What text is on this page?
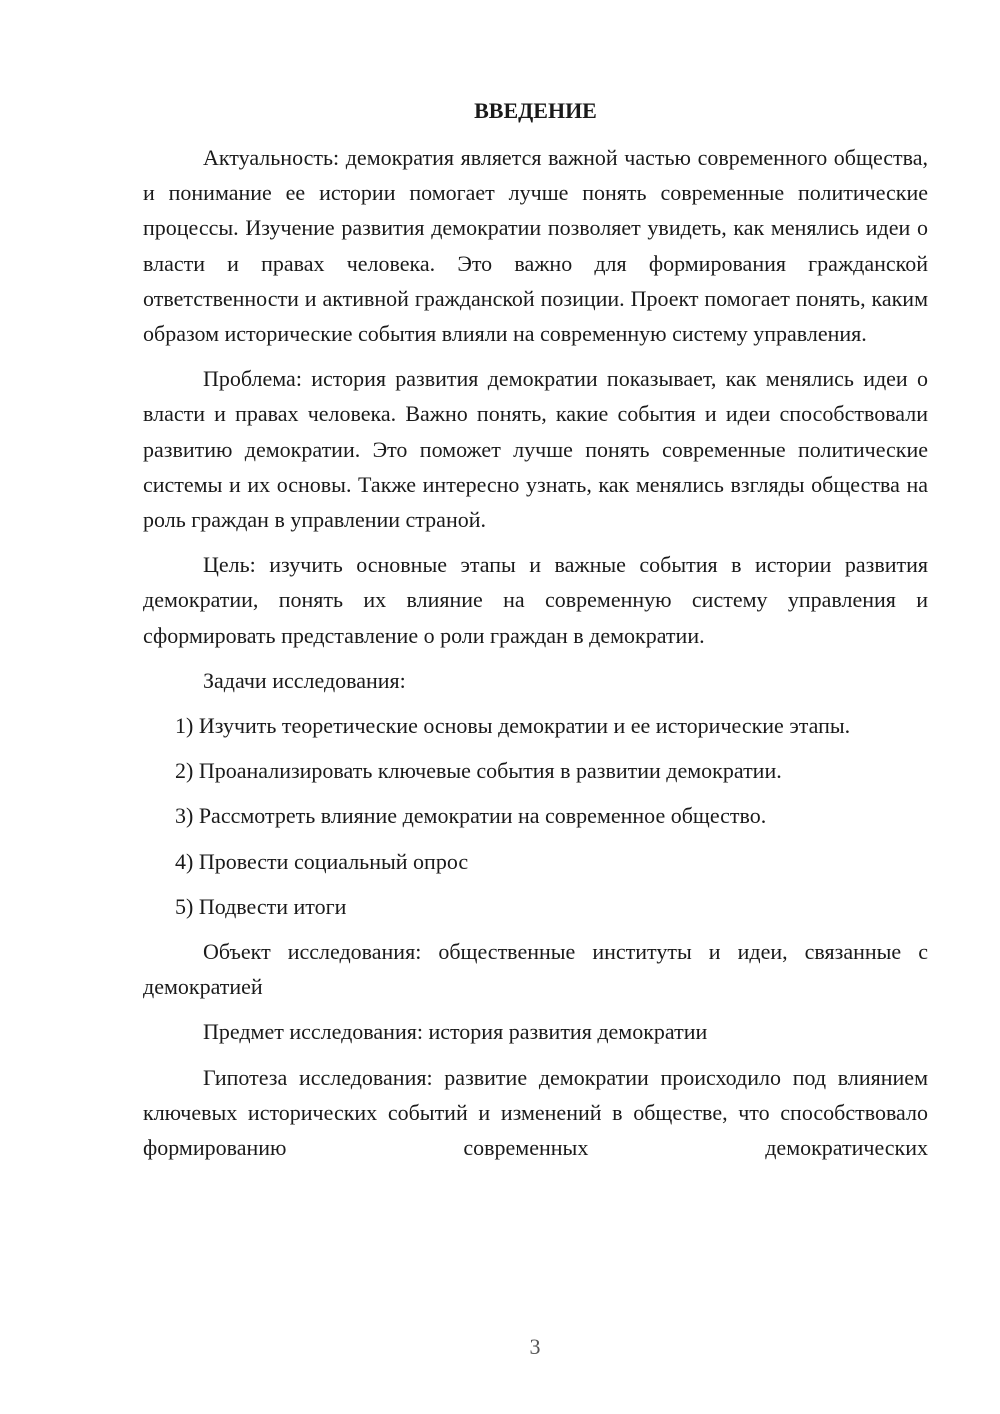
ВВЕДЕНИЕ

Актуальность: демократия является важной частью современного общества, и понимание ее истории помогает лучше понять современные политические процессы. Изучение развития демократии позволяет увидеть, как менялись идеи о власти и правах человека. Это важно для формирования гражданской ответственности и активной гражданской позиции. Проект помогает понять, каким образом исторические события влияли на современную систему управления.

Проблема: история развития демократии показывает, как менялись идеи о власти и правах человека. Важно понять, какие события и идеи способствовали развитию демократии. Это поможет лучше понять современные политические системы и их основы. Также интересно узнать, как менялись взгляды общества на роль граждан в управлении страной.

Цель: изучить основные этапы и важные события в истории развития демократии, понять их влияние на современную систему управления и сформировать представление о роли граждан в демократии.

Задачи исследования:

1) Изучить теоретические основы демократии и ее исторические этапы.

2) Проанализировать ключевые события в развитии демократии.

3) Рассмотреть влияние демократии на современное общество.

4) Провести социальный опрос

5) Подвести итоги

Объект исследования: общественные институты и идеи, связанные с демократией

Предмет исследования: история развития демократии

Гипотеза исследования: развитие демократии происходило под влиянием ключевых исторических событий и изменений в обществе, что способствовало формированию современных демократических

3
